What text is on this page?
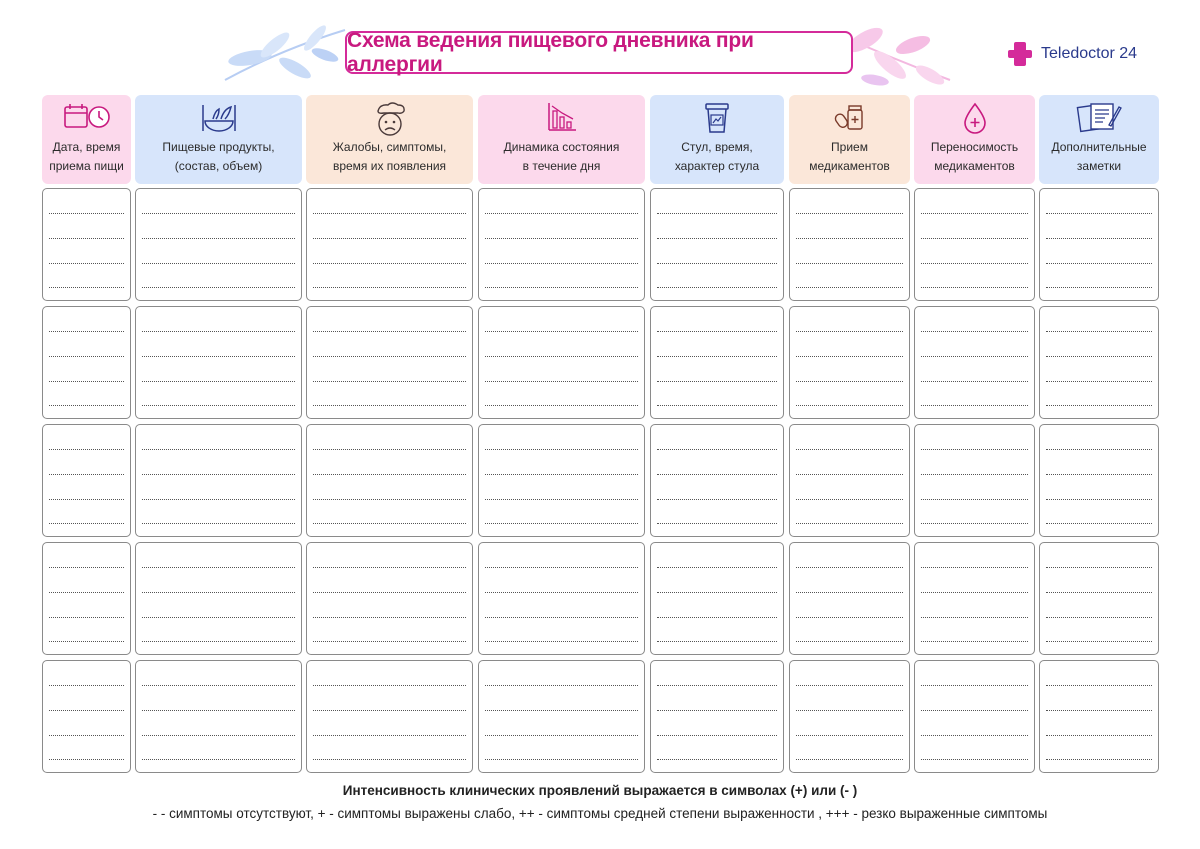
Схема ведения пищевого дневника при аллергии	Teledoctor 24
Дата, время
приема пищи
Пищевые продукты,
(состав, объем)
Жалобы, симптомы,
время их появления
Динамика состояния
в течение дня
Стул, время,
характер стула
Прием
медикаментов
Переносимость
медикаментов
Дополнительные
заметки
Интенсивность клинических проявлений выражается в символах (+) или (- )
- - симптомы отсутствуют, + - симптомы выражены слабо, ++ - симптомы средней степени выраженности , +++ - резко выраженные симптомы
